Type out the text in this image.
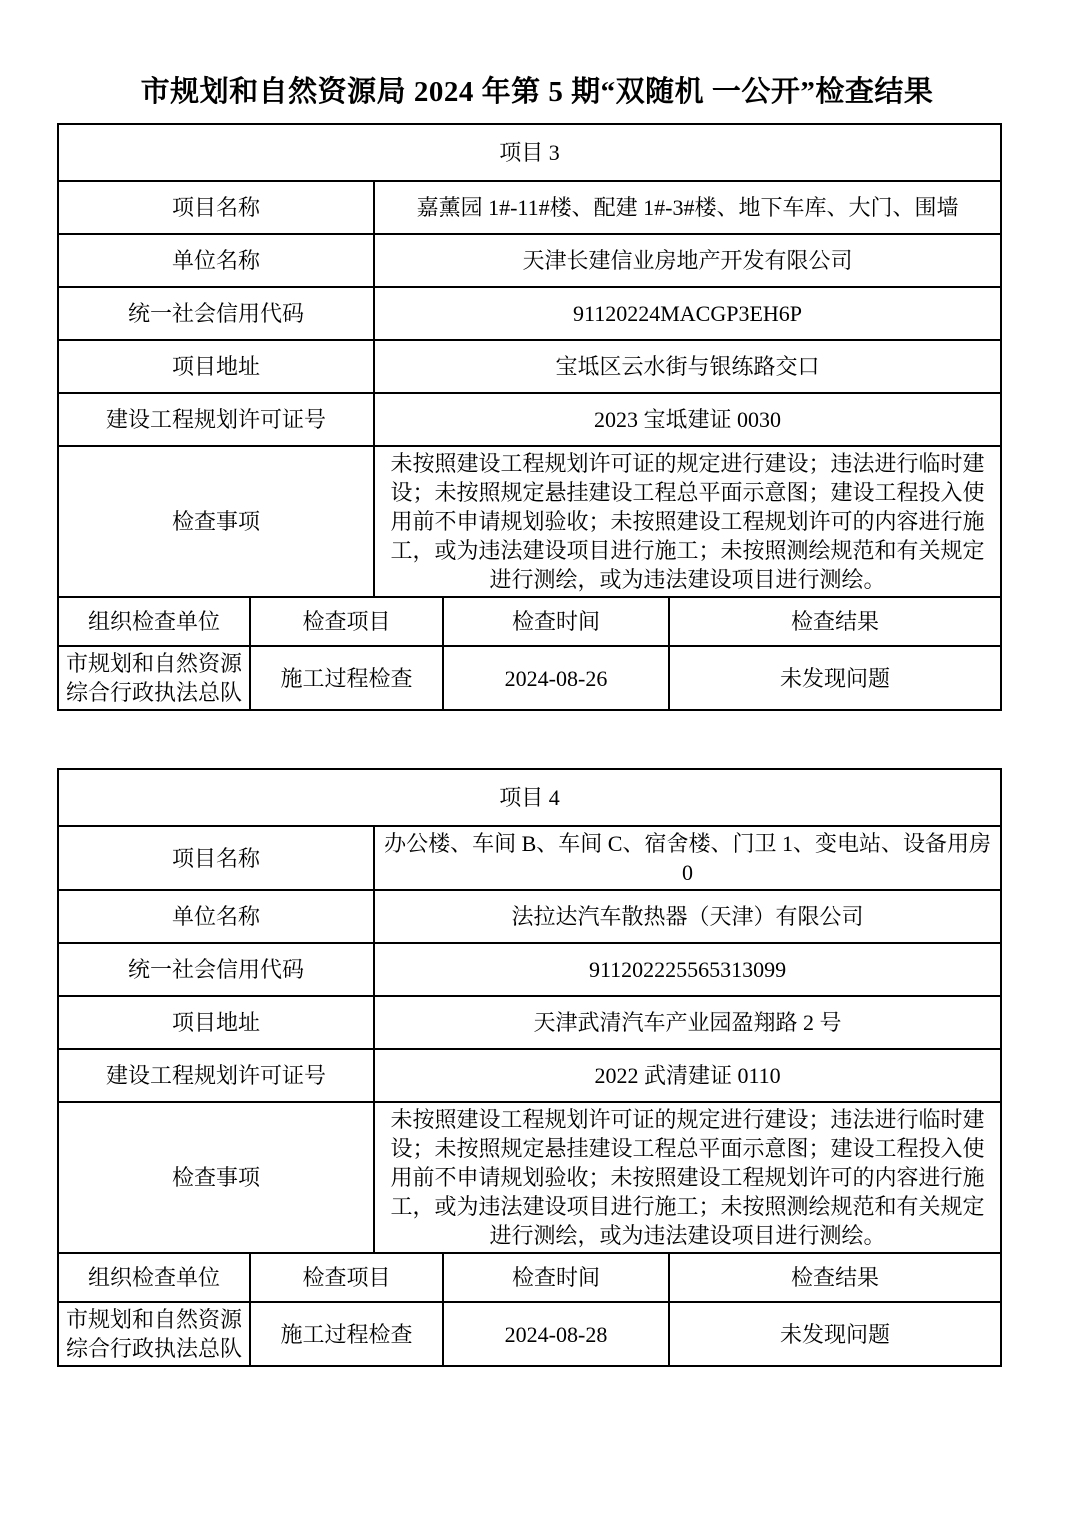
市规划和自然资源局 2024 年第 5 期“双随机 一公开”检查结果
项目 3				
项目名称		嘉薰园 1#-11#楼、配建 1#-3#楼、地下车库、大门、围墙		
单位名称		天津长建信业房地产开发有限公司		
统一社会信用代码		91120224MACGP3EH6P		
项目地址		宝坻区云水街与银练路交口		
建设工程规划许可证号		2023 宝坻建证 0030		
检查事项		未按照建设工程规划许可证的规定进行建设；违法进行临时建设；未按照规定悬挂建设工程总平面示意图；建设工程投入使用前不申请规划验收；未按照建设工程规划许可的内容进行施工，或为违法建设项目进行施工；未按照测绘规范和有关规定进行测绘，或为违法建设项目进行测绘。		
组织检查单位	检查项目		检查时间	检查结果
市规划和自然资源综合行政执法总队	施工过程检查		2024-08-26	未发现问题
项目 4				
项目名称		办公楼、车间 B、车间 C、宿舍楼、门卫 1、变电站、设备用房 0		
单位名称		法拉达汽车散热器（天津）有限公司		
统一社会信用代码		911202225565313099		
项目地址		天津武清汽车产业园盈翔路 2 号		
建设工程规划许可证号		2022 武清建证 0110		
检查事项		未按照建设工程规划许可证的规定进行建设；违法进行临时建设；未按照规定悬挂建设工程总平面示意图；建设工程投入使用前不申请规划验收；未按照建设工程规划许可的内容进行施工，或为违法建设项目进行施工；未按照测绘规范和有关规定进行测绘，或为违法建设项目进行测绘。		
组织检查单位	检查项目		检查时间	检查结果
市规划和自然资源综合行政执法总队	施工过程检查		2024-08-28	未发现问题
